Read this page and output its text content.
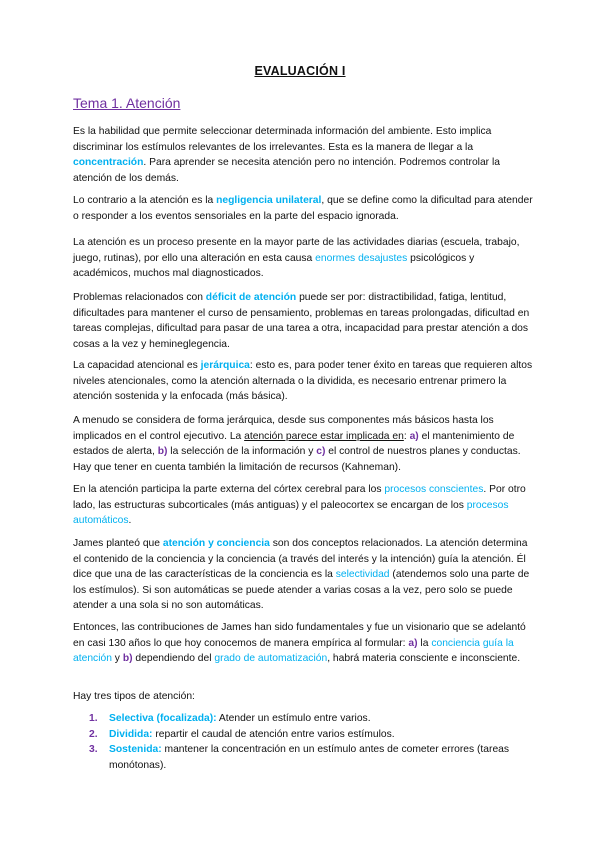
EVALUACIÓN I
Tema 1. Atención

Es la habilidad que permite seleccionar determinada información del ambiente. Esto implica discriminar los estímulos relevantes de los irrelevantes. Esta es la manera de llegar a la concentración. Para aprender se necesita atención pero no intención. Podremos controlar la atención de los demás.

Lo contrario a la atención es la negligencia unilateral, que se define como la dificultad para atender o responder a los eventos sensoriales en la parte del espacio ignorada.

La atención es un proceso presente en la mayor parte de las actividades diarias (escuela, trabajo, juego, rutinas), por ello una alteración en esta causa enormes desajustes psicológicos y académicos, muchos mal diagnosticados.

Problemas relacionados con déficit de atención puede ser por: distractibilidad, fatiga, lentitud, dificultades para mantener el curso de pensamiento, problemas en tareas prolongadas, dificultad en tareas complejas, dificultad para pasar de una tarea a otra, incapacidad para prestar atención a dos cosas a la vez y hemineglegencia.

La capacidad atencional es jerárquica: esto es, para poder tener éxito en tareas que requieren altos niveles atencionales, como la atención alternada o la dividida, es necesario entrenar primero la atención sostenida y la enfocada (más básica).

A menudo se considera de forma jerárquica, desde sus componentes más básicos hasta los implicados en el control ejecutivo. La atención parece estar implicada en: a) el mantenimiento de estados de alerta, b) la selección de la información y c) el control de nuestros planes y conductas. Hay que tener en cuenta también la limitación de recursos (Kahneman).

En la atención participa la parte externa del córtex cerebral para los procesos conscientes. Por otro lado, las estructuras subcorticales (más antiguas) y el paleocortex se encargan de los procesos automáticos.

James planteó que atención y conciencia son dos conceptos relacionados. La atención determina el contenido de la conciencia y la conciencia (a través del interés y la intención) guía la atención. Él dice que una de las características de la conciencia es la selectividad (atendemos solo una parte de los estímulos). Si son automáticas se puede atender a varias cosas a la vez, pero solo se puede atender a una sola si no son automáticas.

Entonces, las contribuciones de James han sido fundamentales y fue un visionario que se adelantó en casi 130 años lo que hoy conocemos de manera empírica al formular: a) la conciencia guía la atención y b) dependiendo del grado de automatización, habrá materia consciente e inconsciente.

Hay tres tipos de atención:

1. Selectiva (focalizada): Atender un estímulo entre varios.
2. Dividida: repartir el caudal de atención entre varios estímulos.
3. Sostenida: mantener la concentración en un estímulo antes de cometer errores (tareas monótonas).
